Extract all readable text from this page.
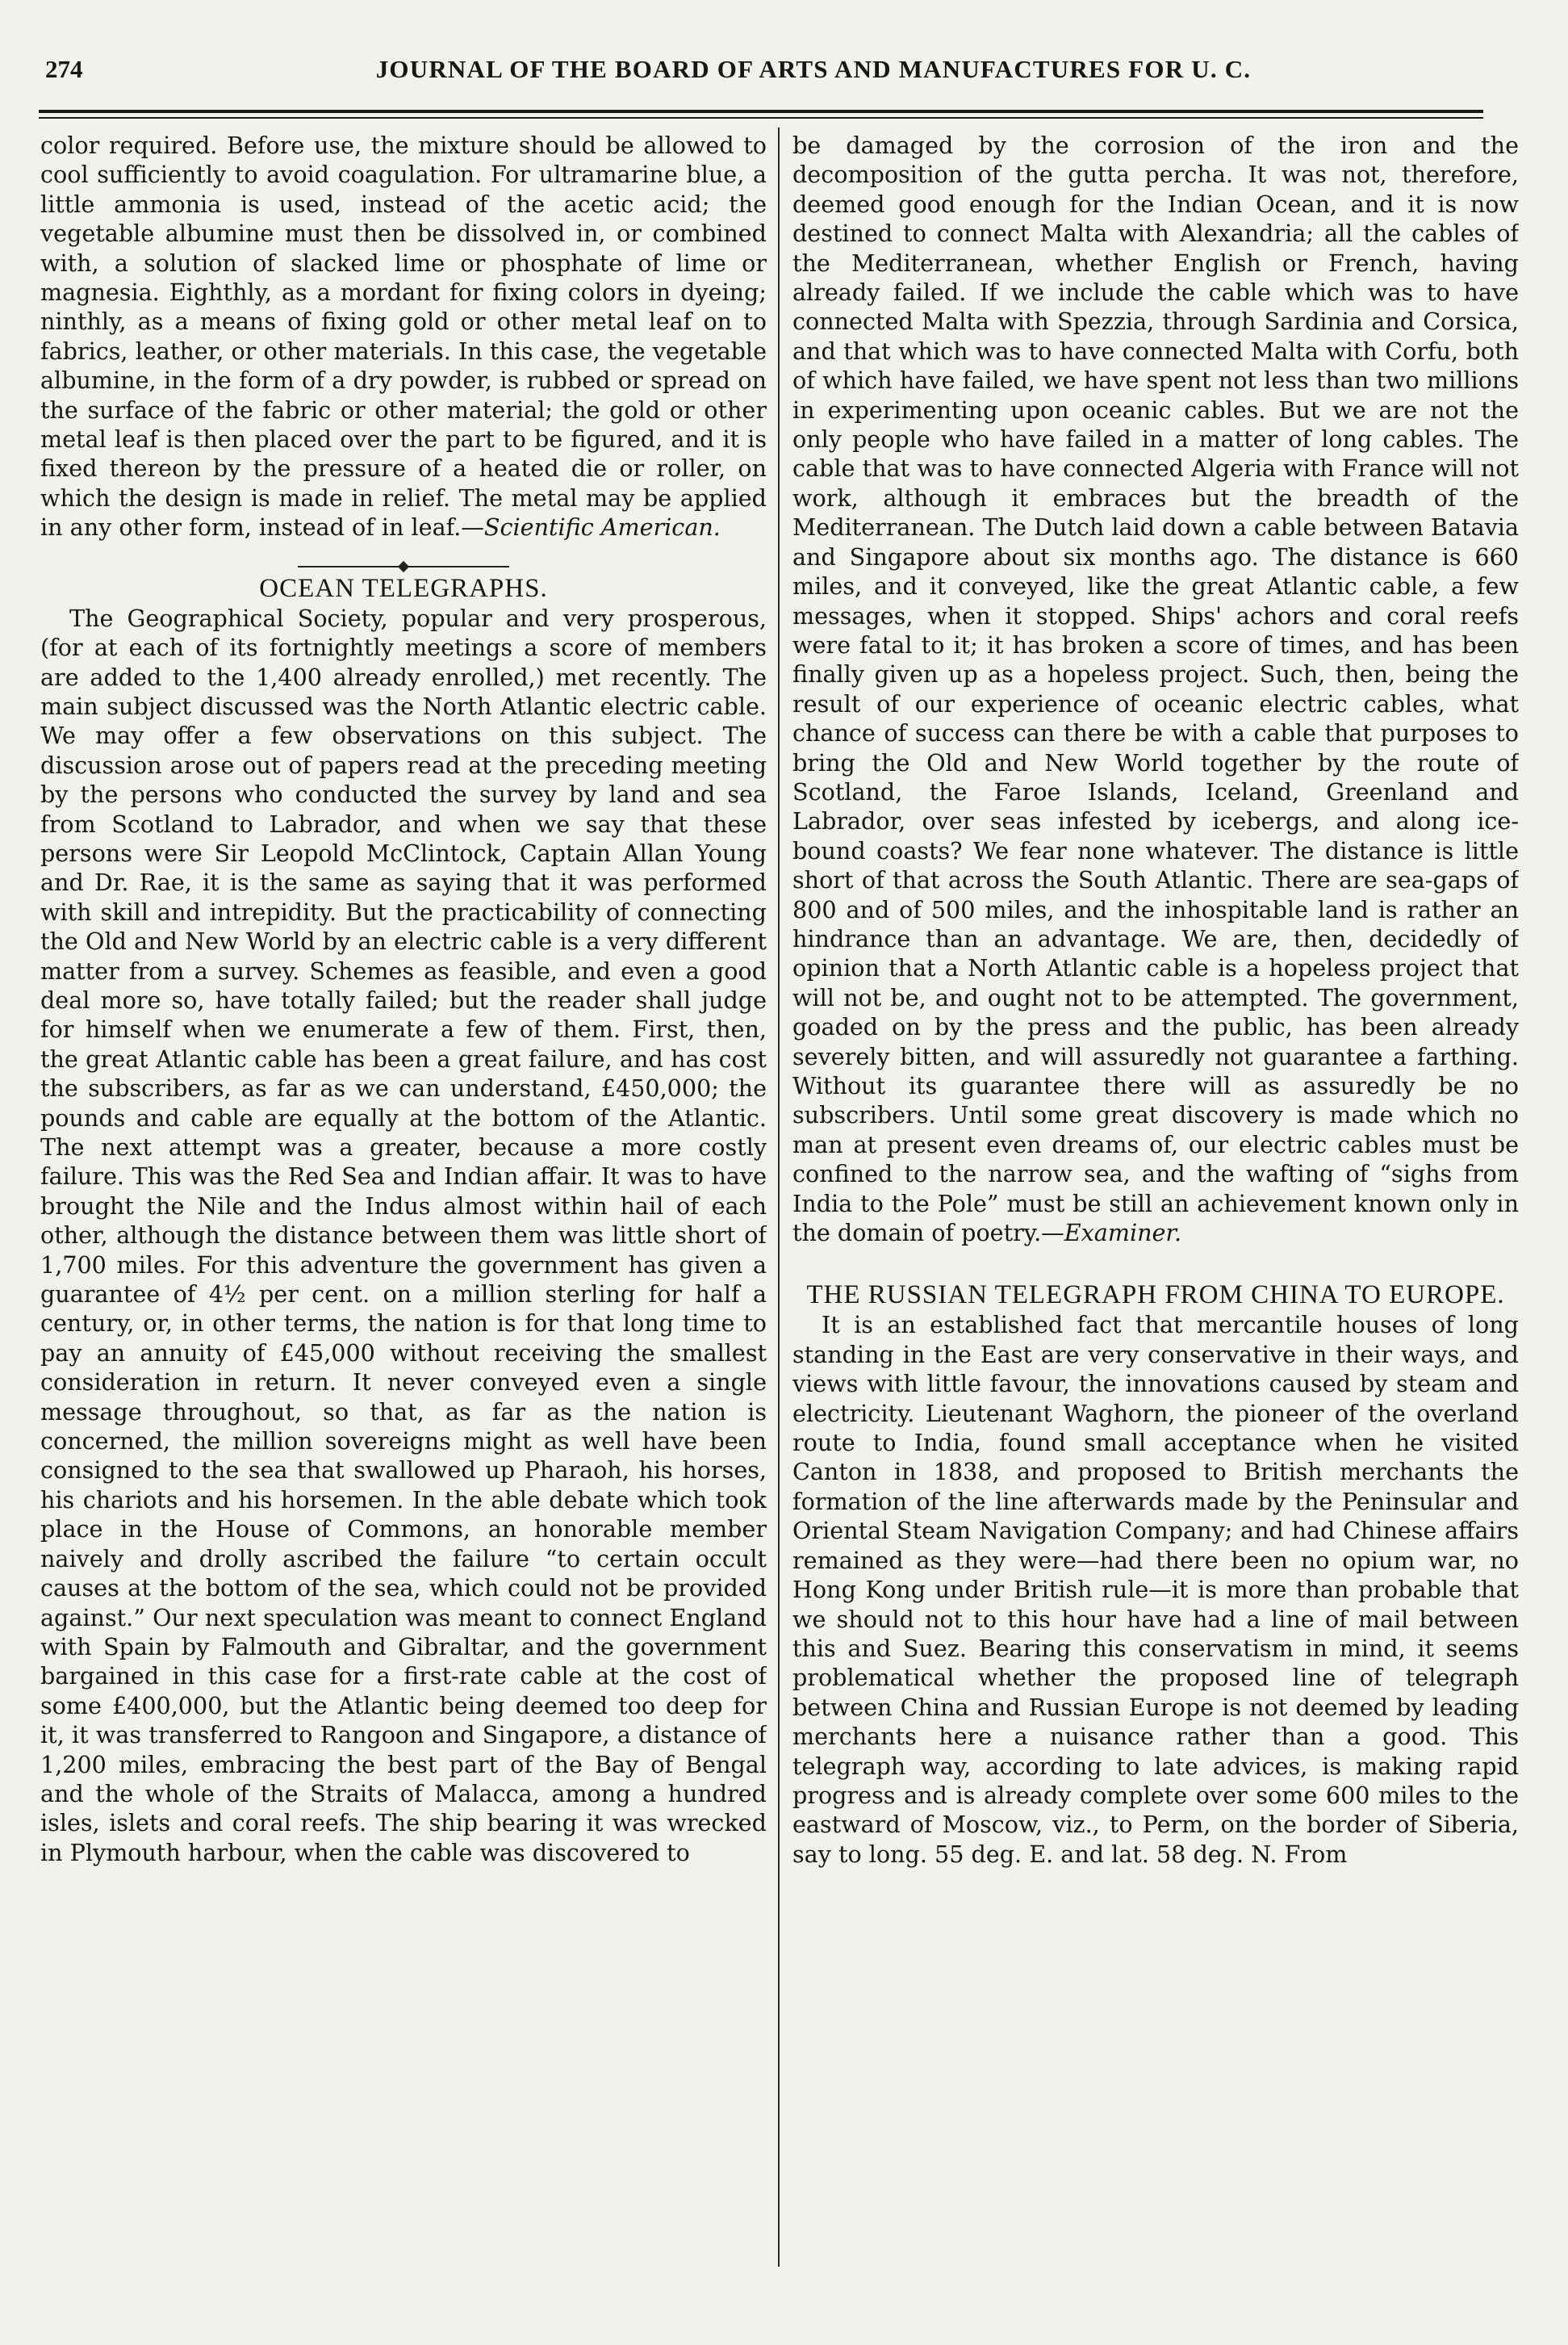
274	JOURNAL OF THE BOARD OF ARTS AND MANUFACTURES FOR U. C.

color required. Before use, the mixture should be allowed to cool sufficiently to avoid coagulation. For ultramarine blue, a little ammonia is used, instead of the acetic acid; the vegetable albumine must then be dissolved in, or combined with, a solution of slacked lime or phosphate of lime or magnesia. Eighthly, as a mordant for fixing colors in dyeing; ninthly, as a means of fixing gold or other metal leaf on to fabrics, leather, or other materials. In this case, the vegetable albumine, in the form of a dry powder, is rubbed or spread on the surface of the fabric or other material; the gold or other metal leaf is then placed over the part to be figured, and it is fixed thereon by the pressure of a heated die or roller, on which the design is made in relief. The metal may be applied in any other form, instead of in leaf.—Scientific American.

OCEAN TELEGRAPHS.

The Geographical Society, popular and very prosperous, (for at each of its fortnightly meetings a score of members are added to the 1,400 already enrolled,) met recently. The main subject discussed was the North Atlantic electric cable. We may offer a few observations on this subject. The discussion arose out of papers read at the preceding meeting by the persons who conducted the survey by land and sea from Scotland to Labrador, and when we say that these persons were Sir Leopold McClintock, Captain Allan Young and Dr. Rae, it is the same as saying that it was performed with skill and intrepidity. But the practicability of connecting the Old and New World by an electric cable is a very different matter from a survey. Schemes as feasible, and even a good deal more so, have totally failed; but the reader shall judge for himself when we enumerate a few of them. First, then, the great Atlantic cable has been a great failure, and has cost the subscribers, as far as we can understand, £450,000; the pounds and cable are equally at the bottom of the Atlantic. The next attempt was a greater, because a more costly failure. This was the Red Sea and Indian affair. It was to have brought the Nile and the Indus almost within hail of each other, although the distance between them was little short of 1,700 miles. For this adventure the government has given a guarantee of 4½ per cent. on a million sterling for half a century, or, in other terms, the nation is for that long time to pay an annuity of £45,000 without receiving the smallest consideration in return. It never conveyed even a single message throughout, so that, as far as the nation is concerned, the million sovereigns might as well have been consigned to the sea that swallowed up Pharaoh, his horses, his chariots and his horsemen. In the able debate which took place in the House of Commons, an honorable member naively and drolly ascribed the failure “to certain occult causes at the bottom of the sea, which could not be provided against.” Our next speculation was meant to connect England with Spain by Falmouth and Gibraltar, and the government bargained in this case for a first-rate cable at the cost of some £400,000, but the Atlantic being deemed too deep for it, it was transferred to Rangoon and Singapore, a distance of 1,200 miles, embracing the best part of the Bay of Bengal and the whole of the Straits of Malacca, among a hundred isles, islets and coral reefs. The ship bearing it was wrecked in Plymouth harbour, when the cable was discovered to

be damaged by the corrosion of the iron and the decomposition of the gutta percha. It was not, therefore, deemed good enough for the Indian Ocean, and it is now destined to connect Malta with Alexandria; all the cables of the Mediterranean, whether English or French, having already failed. If we include the cable which was to have connected Malta with Spezzia, through Sardinia and Corsica, and that which was to have connected Malta with Corfu, both of which have failed, we have spent not less than two millions in experimenting upon oceanic cables. But we are not the only people who have failed in a matter of long cables. The cable that was to have connected Algeria with France will not work, although it embraces but the breadth of the Mediterranean. The Dutch laid down a cable between Batavia and Singapore about six months ago. The distance is 660 miles, and it conveyed, like the great Atlantic cable, a few messages, when it stopped. Ships' achors and coral reefs were fatal to it; it has broken a score of times, and has been finally given up as a hopeless project. Such, then, being the result of our experience of oceanic electric cables, what chance of success can there be with a cable that purposes to bring the Old and New World together by the route of Scotland, the Faroe Islands, Iceland, Greenland and Labrador, over seas infested by icebergs, and along ice-bound coasts? We fear none whatever. The distance is little short of that across the South Atlantic. There are sea-gaps of 800 and of 500 miles, and the inhospitable land is rather an hindrance than an advantage. We are, then, decidedly of opinion that a North Atlantic cable is a hopeless project that will not be, and ought not to be attempted. The government, goaded on by the press and the public, has been already severely bitten, and will assuredly not guarantee a farthing. Without its guarantee there will as assuredly be no subscribers. Until some great discovery is made which no man at present even dreams of, our electric cables must be confined to the narrow sea, and the wafting of “sighs from India to the Pole” must be still an achievement known only in the domain of poetry.—Examiner.

THE RUSSIAN TELEGRAPH FROM CHINA TO EUROPE.

It is an established fact that mercantile houses of long standing in the East are very conservative in their ways, and views with little favour, the innovations caused by steam and electricity. Lieutenant Waghorn, the pioneer of the overland route to India, found small acceptance when he visited Canton in 1838, and proposed to British merchants the formation of the line afterwards made by the Peninsular and Oriental Steam Navigation Company; and had Chinese affairs remained as they were—had there been no opium war, no Hong Kong under British rule—it is more than probable that we should not to this hour have had a line of mail between this and Suez. Bearing this conservatism in mind, it seems problematical whether the proposed line of telegraph between China and Russian Europe is not deemed by leading merchants here a nuisance rather than a good. This telegraph way, according to late advices, is making rapid progress and is already complete over some 600 miles to the eastward of Moscow, viz., to Perm, on the border of Siberia, say to long. 55 deg. E. and lat. 58 deg. N. From
